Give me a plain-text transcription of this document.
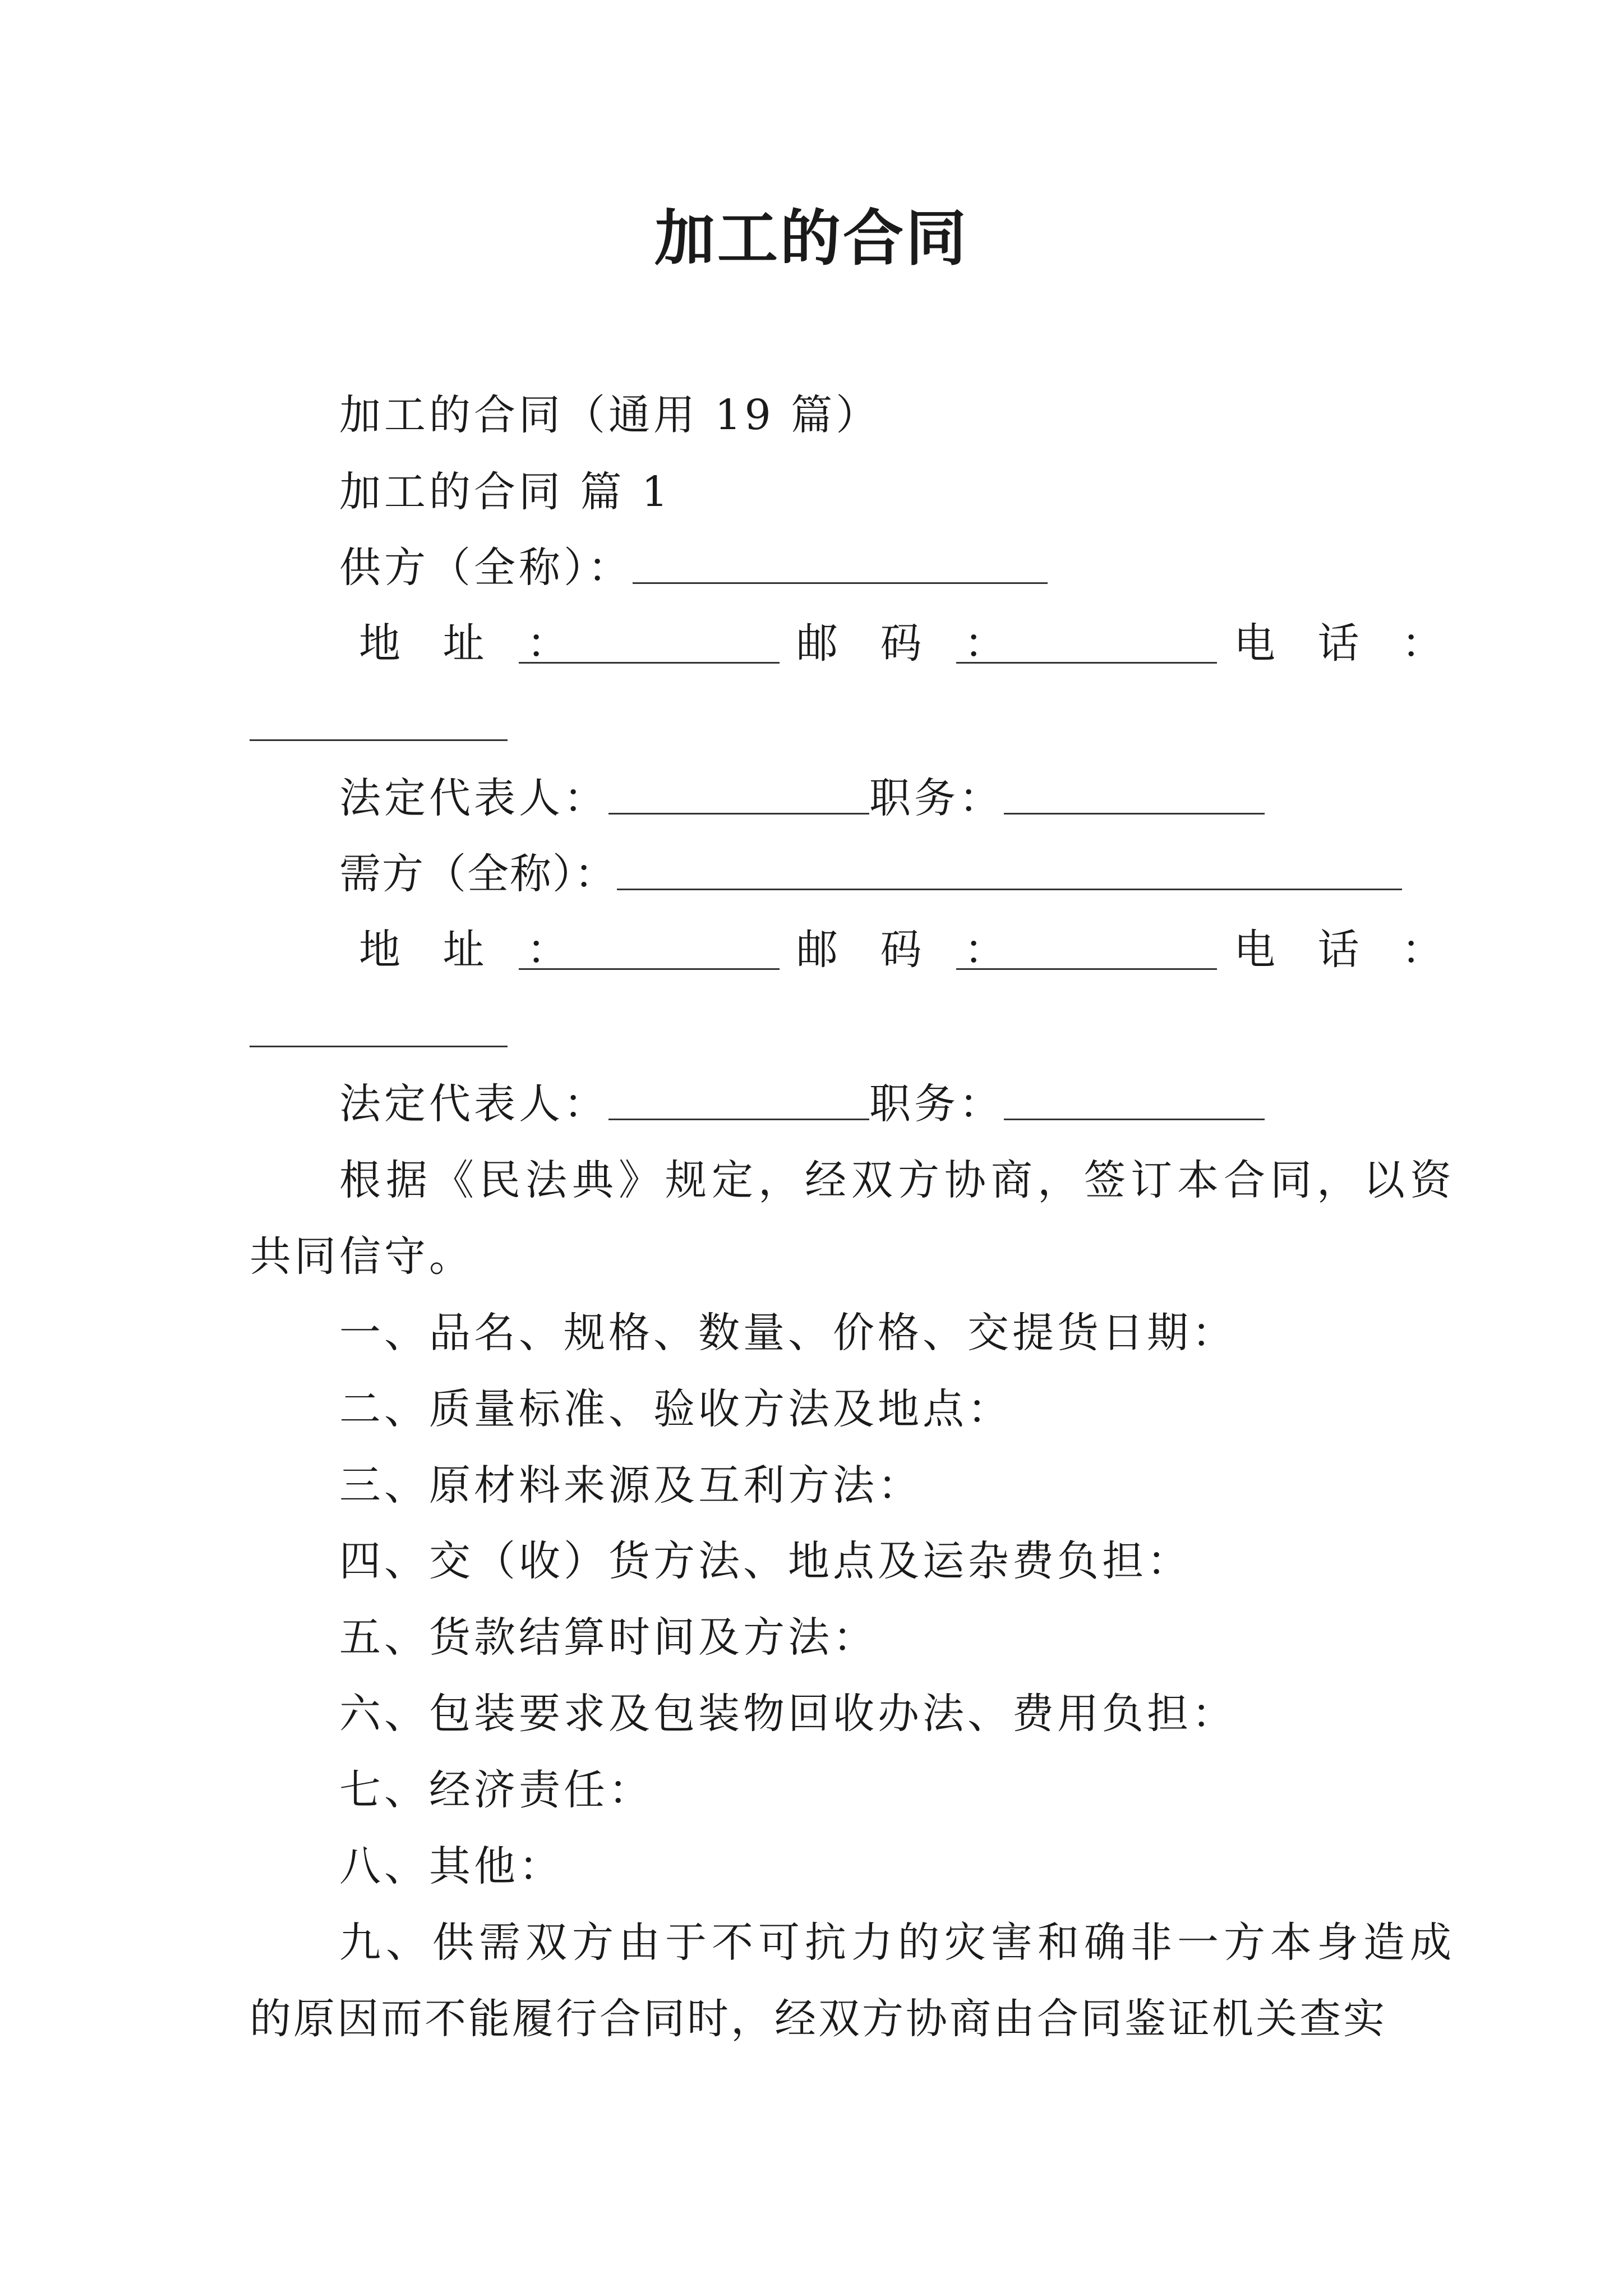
加工的合同
加工的合同（通用 19 篇）
加工的合同 篇 1
供方（全称）：
地 址 ：	邮 码 ：	电 话 ：
法定代表人：	职务：
需方（全称）：
地 址 ：	邮 码 ：	电 话 ：
法定代表人：	职务：
根据《民法典》规定，经双方协商，签订本合同，以资
共同信守。
一、品名、规格、数量、价格、交提货日期：
二、质量标准、验收方法及地点：
三、原材料来源及互利方法：
四、交（收）货方法、地点及运杂费负担：
五、货款结算时间及方法：
六、包装要求及包装物回收办法、费用负担：
七、经济责任：
八、其他：
九、供需双方由于不可抗力的灾害和确非一方本身造成
的原因而不能履行合同时，经双方协商由合同鉴证机关查实
